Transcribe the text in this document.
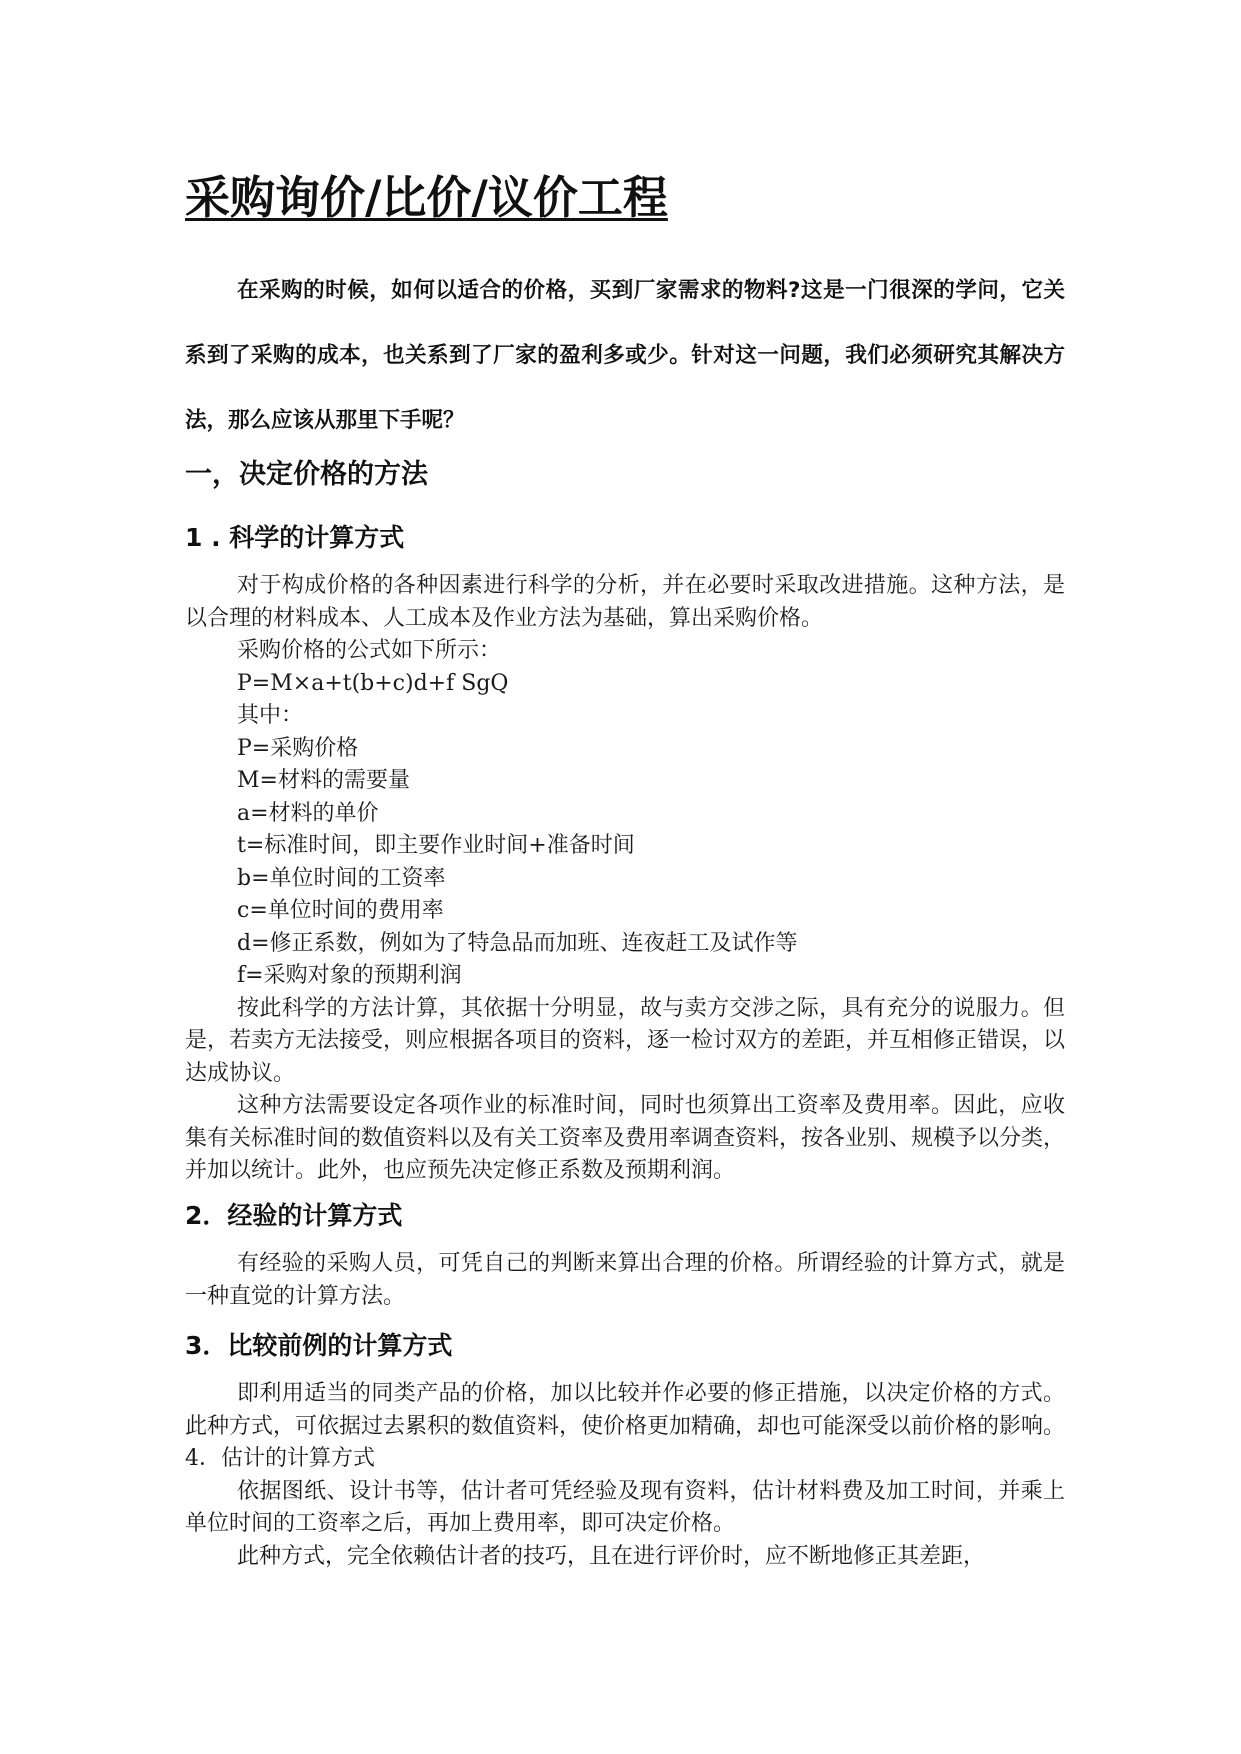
采购询价/比价/议价工程

在采购的时候，如何以适合的价格，买到厂家需求的物料?这是一门很深的学问，它关系到了采购的成本，也关系到了厂家的盈利多或少。针对这一问题，我们必须研究其解决方法，那么应该从那里下手呢？

一，决定价格的方法
1 . 科学的计算方式

对于构成价格的各种因素进行科学的分析，并在必要时采取改进措施。这种方法，是以合理的材料成本、人工成本及作业方法为基础，算出采购价格。

采购价格的公式如下所示：

P=M×a+t(b+c)d+f SgQ

其中：

P=采购价格

M=材料的需要量

a=材料的单价

t=标准时间，即主要作业时间+准备时间

b=单位时间的工资率

c=单位时间的费用率

d=修正系数，例如为了特急品而加班、连夜赶工及试作等

f=采购对象的预期利润

按此科学的方法计算，其依据十分明显，故与卖方交涉之际，具有充分的说服力。但是，若卖方无法接受，则应根据各项目的资料，逐一检讨双方的差距，并互相修正错误，以达成协议。

这种方法需要设定各项作业的标准时间，同时也须算出工资率及费用率。因此，应收集有关标准时间的数值资料以及有关工资率及费用率调查资料，按各业别、规模予以分类，并加以统计。此外，也应预先决定修正系数及预期利润。

2．经验的计算方式

有经验的采购人员，可凭自己的判断来算出合理的价格。所谓经验的计算方式，就是一种直觉的计算方法。

3．比较前例的计算方式

即利用适当的同类产品的价格，加以比较并作必要的修正措施，以决定价格的方式。此种方式，可依据过去累积的数值资料，使价格更加精确，却也可能深受以前价格的影响。4．估计的计算方式

依据图纸、设计书等，估计者可凭经验及现有资料，估计材料费及加工时间，并乘上单位时间的工资率之后，再加上费用率，即可决定价格。

此种方式，完全依赖估计者的技巧，且在进行评价时，应不断地修正其差距，
